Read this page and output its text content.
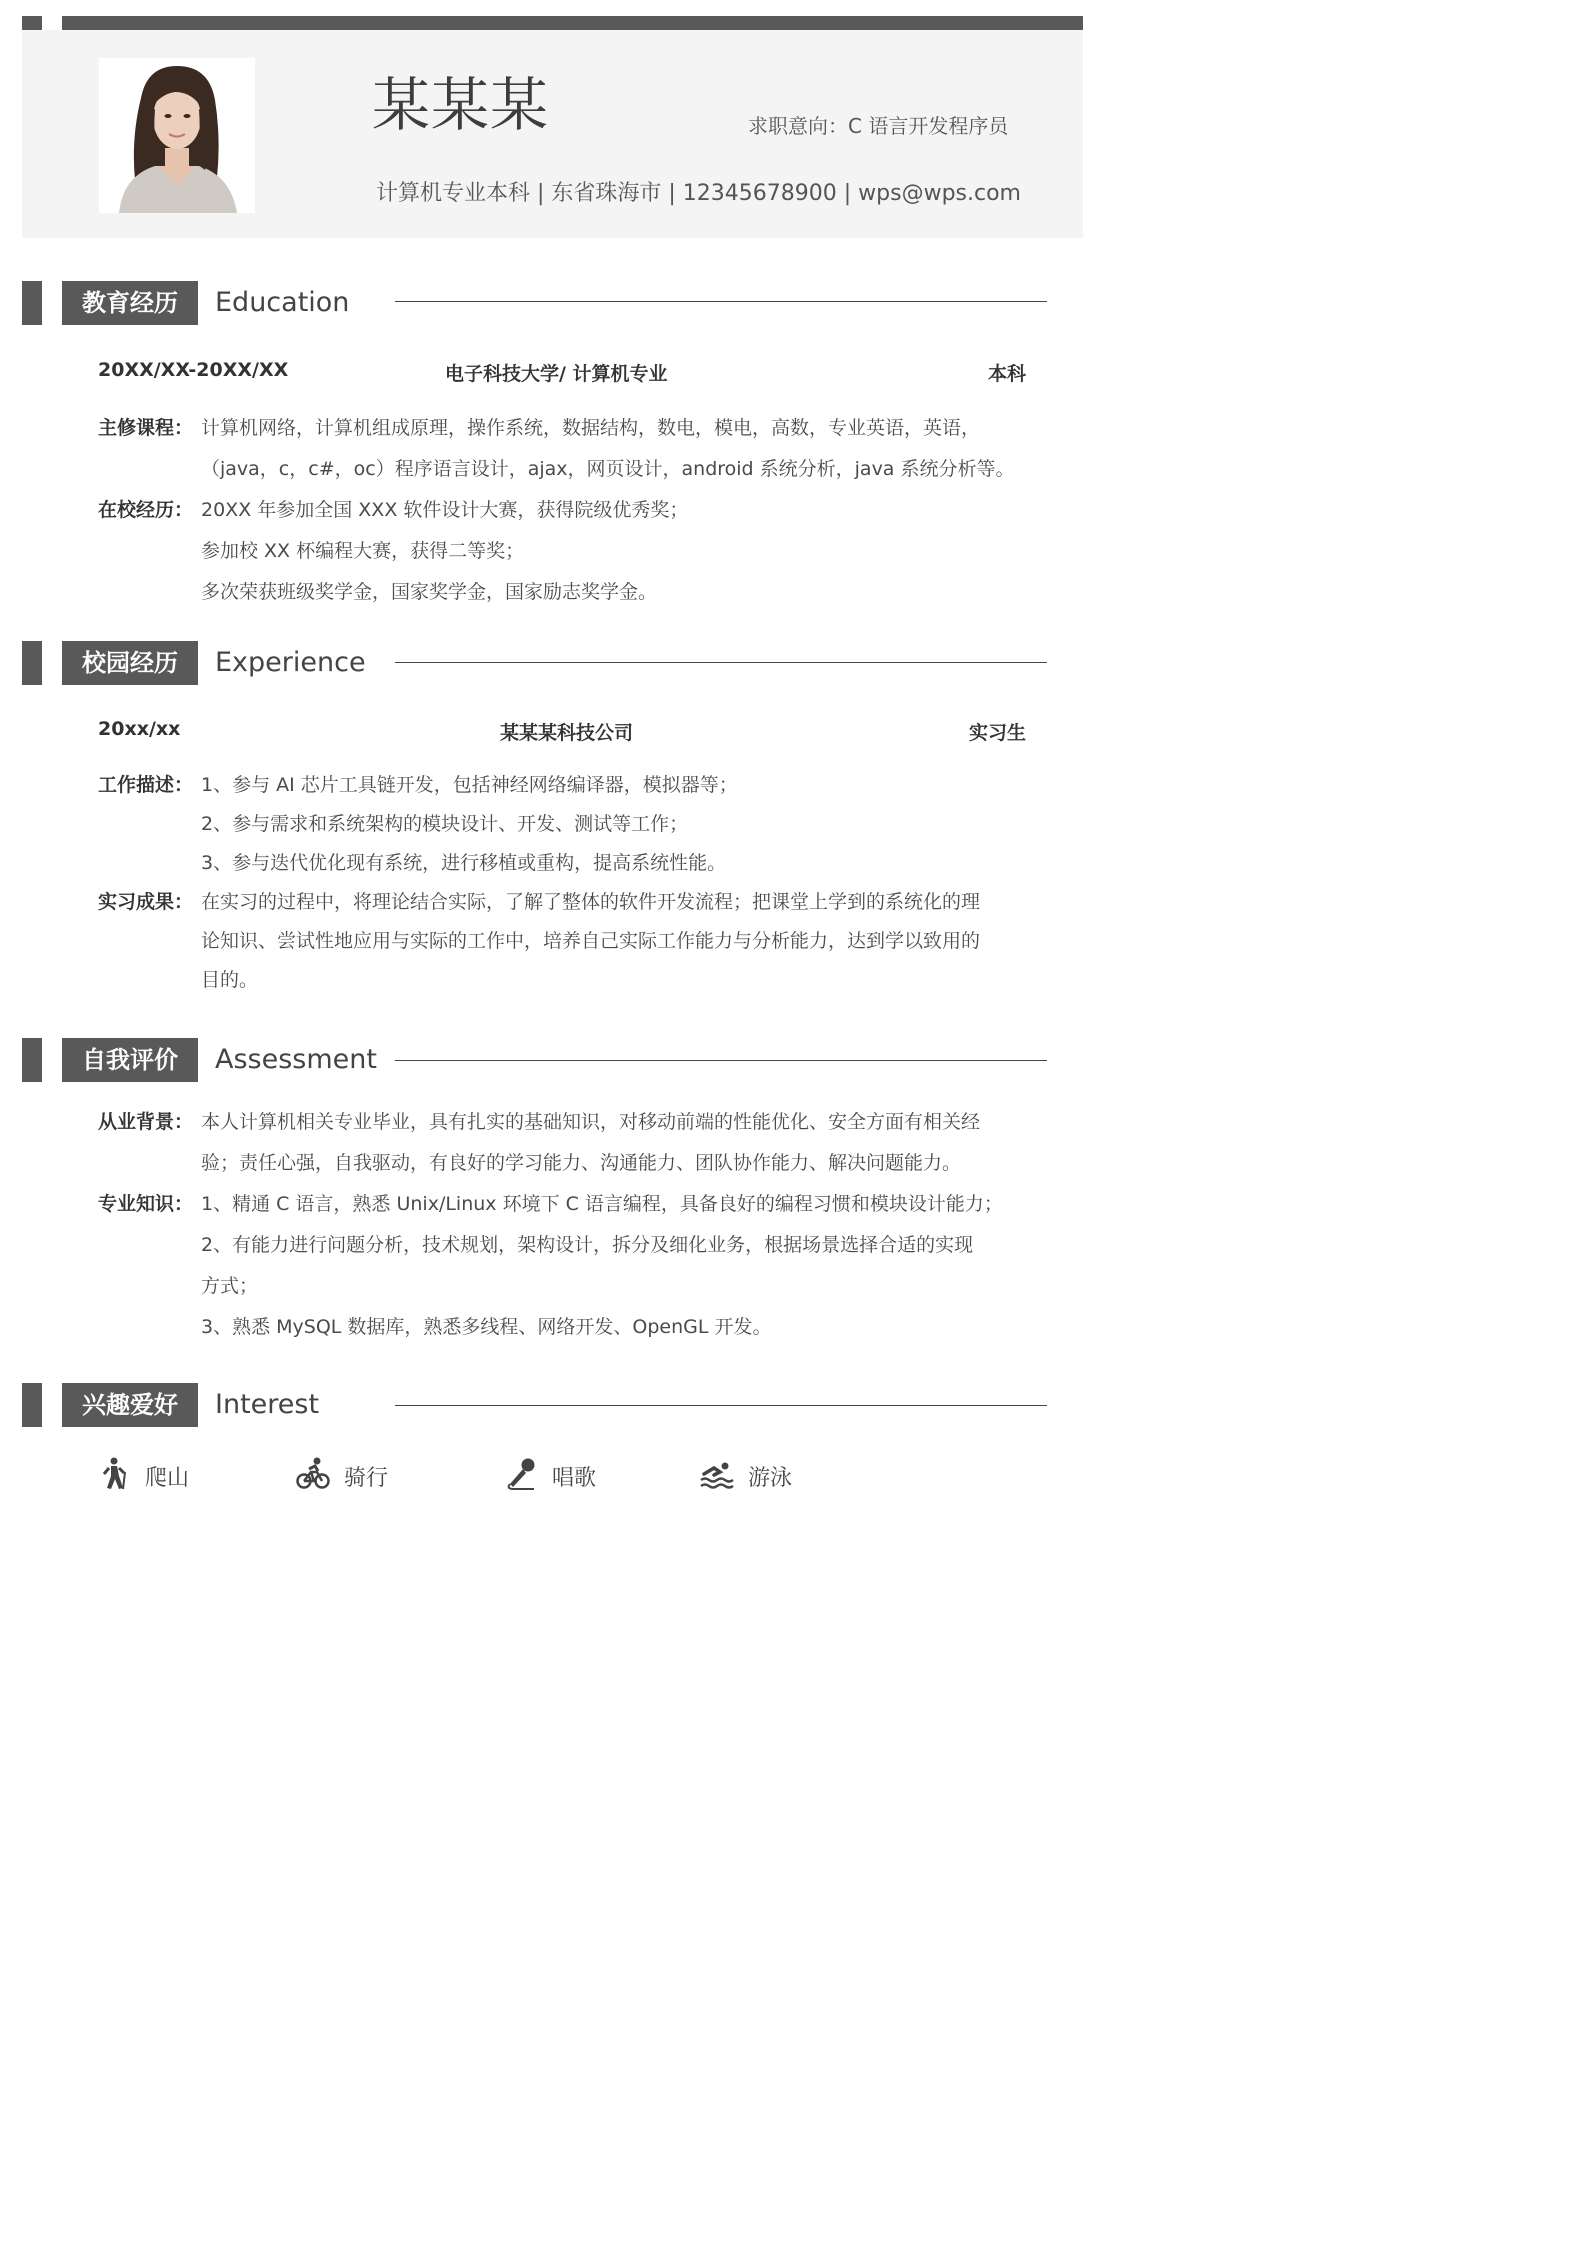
某某某	求职意向：C 语言开发程序员
计算机专业本科 | 东省珠海市 | 12345678900 | wps@wps.com
教育经历	Education
20XX/XX-20XX/XX	电子科技大学/ 计算机专业	本科
主修课程： 计算机网络，计算机组成原理，操作系统，数据结构，数电，模电，高数，专业英语，英语，
（java，c，c#，oc）程序语言设计，ajax，网页设计，android 系统分析，java 系统分析等。
在校经历： 20XX 年参加全国 XXX 软件设计大赛，获得院级优秀奖；
参加校 XX 杯编程大赛，获得二等奖；
多次荣获班级奖学金，国家奖学金，国家励志奖学金。
校园经历	Experience
20xx/xx	某某某科技公司	实习生
工作描述： 1、参与 AI 芯片工具链开发，包括神经网络编译器，模拟器等；
2、参与需求和系统架构的模块设计、开发、测试等工作；
3、参与迭代优化现有系统，进行移植或重构，提高系统性能。
实习成果： 在实习的过程中，将理论结合实际，了解了整体的软件开发流程；把课堂上学到的系统化的理
论知识、尝试性地应用与实际的工作中，培养自己实际工作能力与分析能力，达到学以致用的
目的。
自我评价	Assessment
从业背景： 本人计算机相关专业毕业，具有扎实的基础知识，对移动前端的性能优化、安全方面有相关经
验；责任心强，自我驱动，有良好的学习能力、沟通能力、团队协作能力、解决问题能力。
专业知识： 1、精通 C 语言，熟悉 Unix/Linux 环境下 C 语言编程，具备良好的编程习惯和模块设计能力；
2、有能力进行问题分析，技术规划，架构设计，拆分及细化业务，根据场景选择合适的实现
方式；
3、熟悉 MySQL 数据库，熟悉多线程、网络开发、OpenGL 开发。
兴趣爱好	Interest
爬山	骑行	唱歌	游泳
